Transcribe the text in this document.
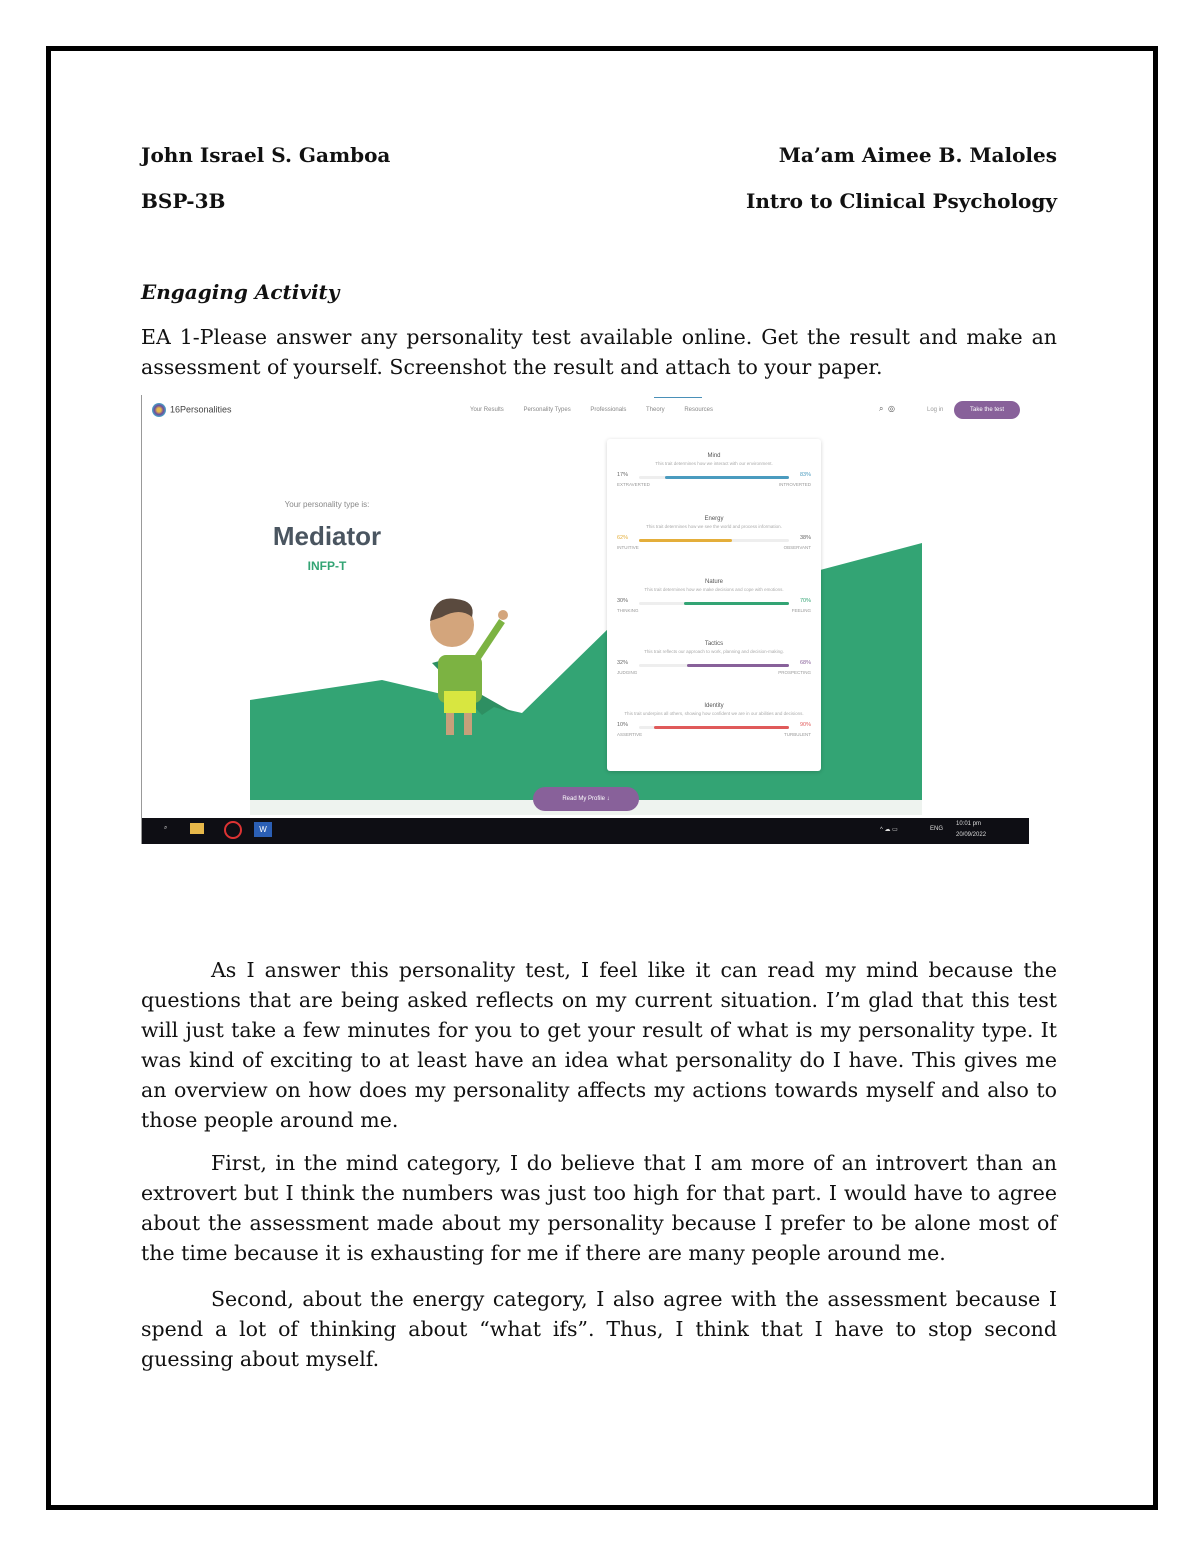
John Israel S. Gamboa	Ma’am Aimee B. Maloles
BSP-3B	Intro to Clinical Psychology
Engaging Activity

EA 1-Please answer any personality test available online. Get the result and make an assessment of yourself. Screenshot the result and attach to your paper.

16Personalities	Your Results	Personality Types	Professionals	Theory	Resources	⌕ ◎	Log in	Take the test
Your personality type is:
Mediator
INFP-T
Mind
This trait determines how we interact with our environment.
17%	83%
EXTRAVERTED	INTROVERTED
Energy
This trait determines how we see the world and process information.
62%	38%
INTUITIVE	OBSERVANT
Nature
This trait determines how we make decisions and cope with emotions.
30%	70%
THINKING	FEELING
Tactics
This trait reflects our approach to work, planning and decision-making.
32%	68%
JUDGING	PROSPECTING
Identity
This trait underpins all others, showing how confident we are in our abilities and decisions.
10%	90%
ASSERTIVE	TURBULENT
Read My Profile ↓
⌕	W	^ ☁ ▭	ENG
10:01 pm
20/09/2022

As I answer this personality test, I feel like it can read my mind because the questions that are being asked reflects on my current situation. I’m glad that this test will just take a few minutes for you to get your result of what is my personality type. It was kind of exciting to at least have an idea what personality do I have. This gives me an overview on how does my personality affects my actions towards myself and also to those people around me.

First, in the mind category, I do believe that I am more of an introvert than an extrovert but I think the numbers was just too high for that part. I would have to agree about the assessment made about my personality because I prefer to be alone most of the time because it is exhausting for me if there are many people around me.

Second, about the energy category, I also agree with the assessment because I spend a lot of thinking about “what ifs”. Thus, I think that I have to stop second guessing about myself.
